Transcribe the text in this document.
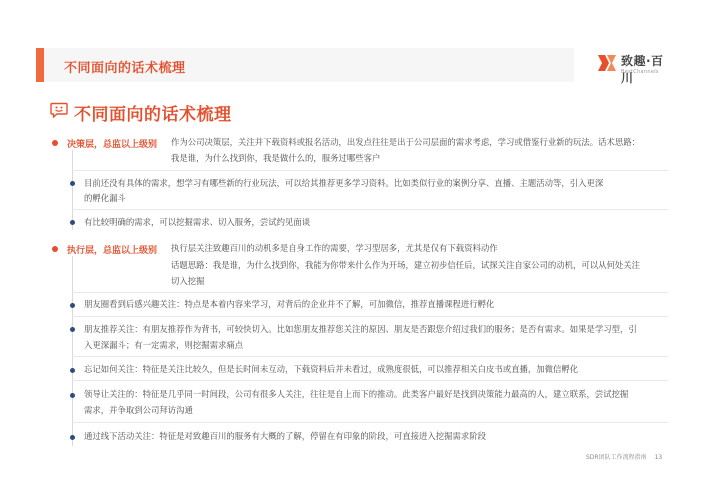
不同面向的话术梳理	致趣·百川
BestChannels
不同面向的话术梳理
决策层，总监以上级别 作为公司决策层，关注并下载资料或报名活动，出发点往往是出于公司层面的需求考虑，学习或借鉴行业新的玩法。话术思路：
我是谁，为什么找到你，我是做什么的，服务过哪些客户
目前还没有具体的需求，想学习有哪些新的行业玩法，可以给其推荐更多学习资料。比如类似行业的案例分享、直播、主题活动等，引入更深
的孵化漏斗
有比较明确的需求，可以挖掘需求、切入服务，尝试约见面谈
执行层，总监以上级别 执行层关注致趣百川的动机多是自身工作的需要，学习型居多，尤其是仅有下载资料动作
话题思路：我是谁，为什么找到你，我能为你带来什么作为开场，建立初步信任后，试探关注自家公司的动机，可以从何处关注
切入挖掘
朋友圈看到后感兴趣关注：特点是本着内容来学习，对背后的企业并不了解，可加微信，推荐直播课程进行孵化
朋友推荐关注：有朋友推荐作为背书，可较快切入。比如您朋友推荐您关注的原因、朋友是否跟您介绍过我们的服务；是否有需求。如果是学习型，引
入更深漏斗；有一定需求，则挖掘需求痛点
忘记如何关注：特征是关注比较久，但是长时间未互动，下载资料后并未看过，成熟度很低，可以推荐相关白皮书或直播，加微信孵化
领导让关注的：特征是几乎同一时间段，公司有很多人关注，往往是自上而下的推动。此类客户最好是找到决策能力最高的人，建立联系，尝试挖掘
需求，并争取到公司拜访沟通
通过线下活动关注：特征是对致趣百川的服务有大概的了解，停留在有印象的阶段，可直接进入挖掘需求阶段
SDR团队工作流程指南 13
